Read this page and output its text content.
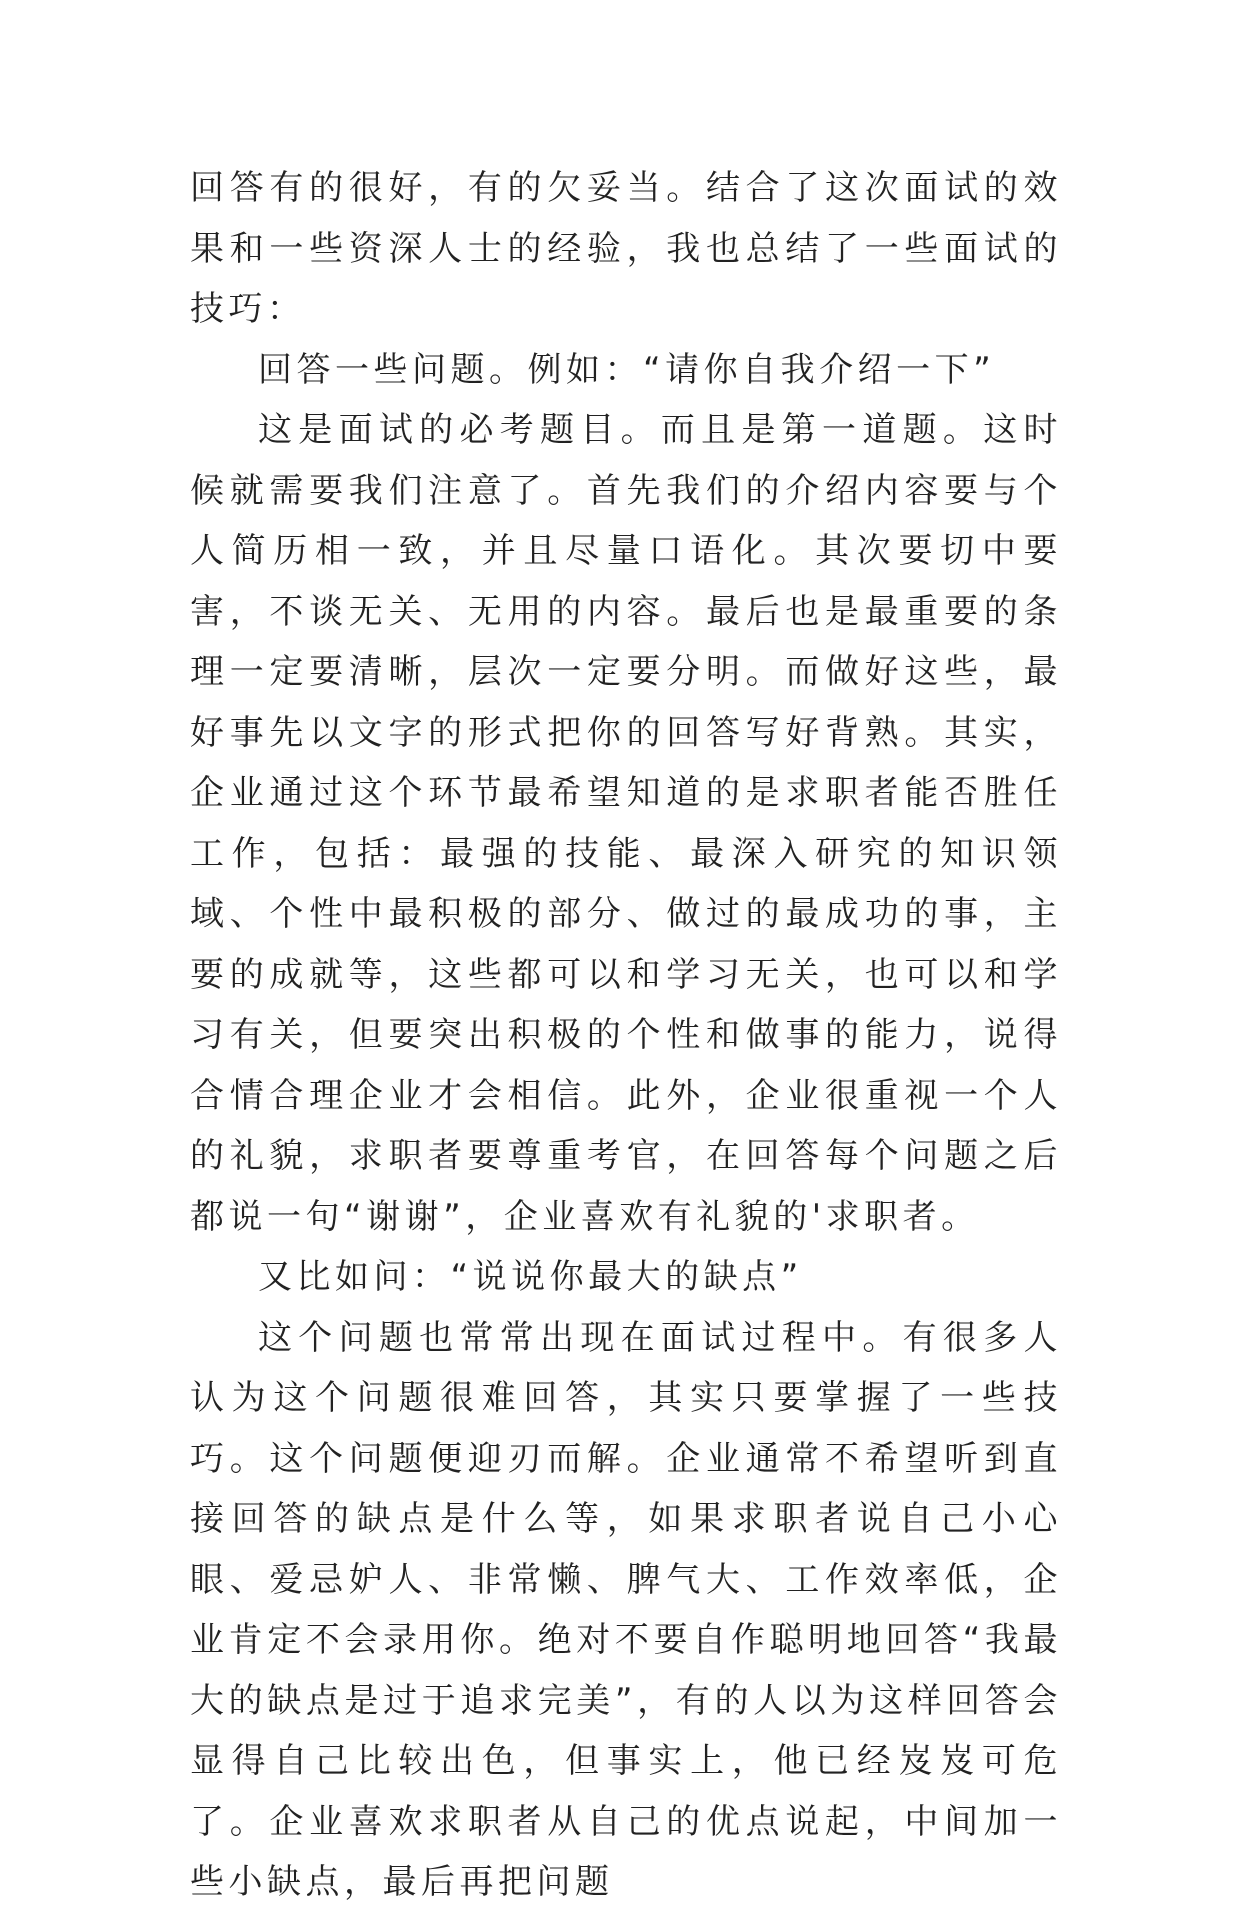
回答有的很好，有的欠妥当。结合了这次面试的效果和一些资深人士的经验，我也总结了一些面试的技巧：

回答一些问题。例如：“请你自我介绍一下”

这是面试的必考题目。而且是第一道题。这时候就需要我们注意了。首先我们的介绍内容要与个人简历相一致，并且尽量口语化。其次要切中要害，不谈无关、无用的内容。最后也是最重要的条理一定要清晰，层次一定要分明。而做好这些，最好事先以文字的形式把你的回答写好背熟。其实，企业通过这个环节最希望知道的是求职者能否胜任工作，包括：最强的技能、最深入研究的知识领域、个性中最积极的部分、做过的最成功的事，主要的成就等，这些都可以和学习无关，也可以和学习有关，但要突出积极的个性和做事的能力，说得合情合理企业才会相信。此外，企业很重视一个人的礼貌，求职者要尊重考官，在回答每个问题之后都说一句“谢谢”，企业喜欢有礼貌的'求职者。

又比如问：“说说你最大的缺点”

这个问题也常常出现在面试过程中。有很多人认为这个问题很难回答，其实只要掌握了一些技巧。这个问题便迎刃而解。企业通常不希望听到直接回答的缺点是什么等，如果求职者说自己小心眼、爱忌妒人、非常懒、脾气大、工作效率低，企业肯定不会录用你。绝对不要自作聪明地回答“我最大的缺点是过于追求完美”，有的人以为这样回答会显得自己比较出色，但事实上，他已经岌岌可危了。企业喜欢求职者从自己的优点说起，中间加一些小缺点，最后再把问题
